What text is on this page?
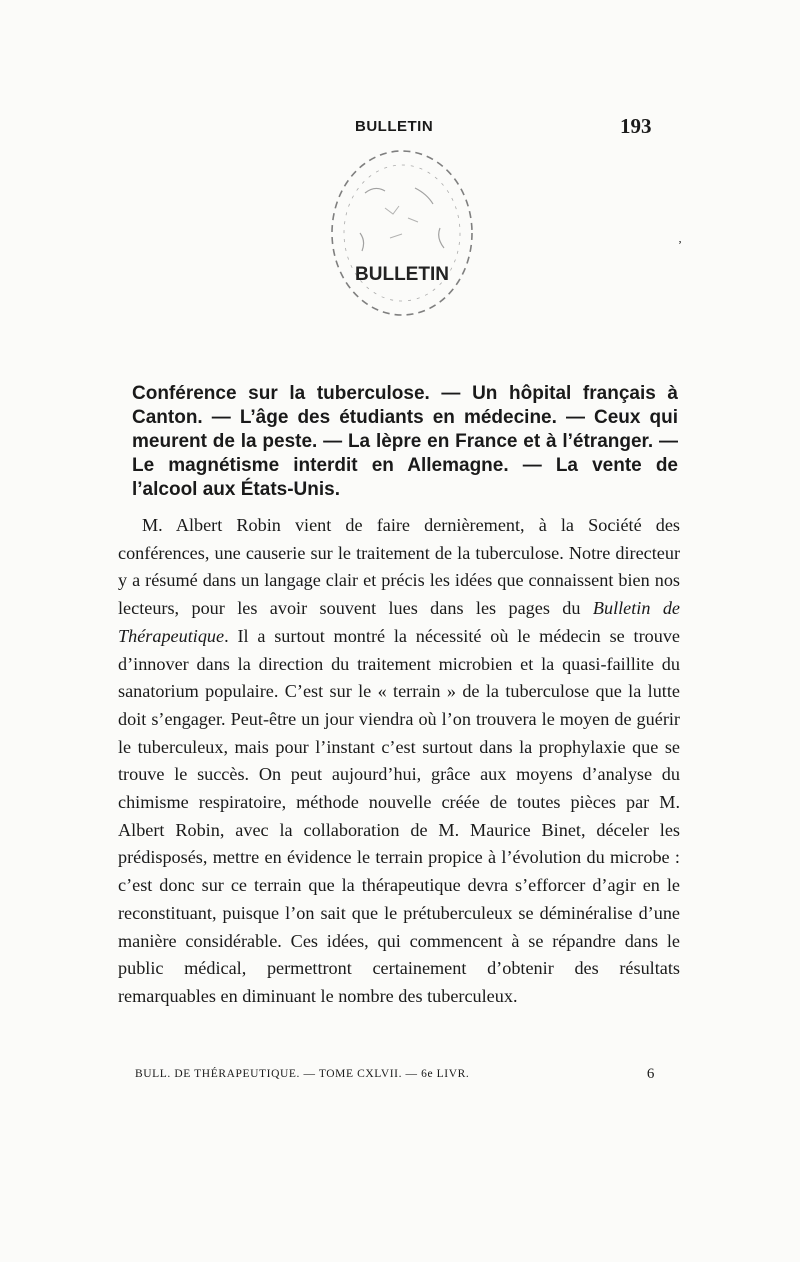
BULLETIN	193
BULLETIN
ʼ
Conférence sur la tuberculose. — Un hôpital français à Canton. — L’âge des étudiants en médecine. — Ceux qui meurent de la peste. — La lèpre en France et à l’étranger. — Le magnétisme interdit en Allemagne. — La vente de l’alcool aux États-Unis.
M. Albert Robin vient de faire dernièrement, à la Société des conférences, une causerie sur le traitement de la tuberculose. Notre directeur y a résumé dans un langage clair et précis les idées que connaissent bien nos lecteurs, pour les avoir souvent lues dans les pages du Bulletin de Thérapeutique. Il a surtout montré la nécessité où le médecin se trouve d’innover dans la direction du traitement microbien et la quasi-faillite du sanatorium populaire. C’est sur le « terrain » de la tuberculose que la lutte doit s’engager. Peut-être un jour viendra où l’on trouvera le moyen de guérir le tuberculeux, mais pour l’instant c’est surtout dans la prophylaxie que se trouve le succès. On peut aujourd’hui, grâce aux moyens d’analyse du chimisme respiratoire, méthode nouvelle créée de toutes pièces par M. Albert Robin, avec la collaboration de M. Maurice Binet, déceler les prédisposés, mettre en évidence le terrain propice à l’évolution du microbe : c’est donc sur ce terrain que la thérapeutique devra s’efforcer d’agir en le reconstituant, puisque l’on sait que le prétuberculeux se déminéralise d’une manière considérable. Ces idées, qui commencent à se répandre dans le public médical, permettront certainement d’obtenir des résultats remarquables en diminuant le nombre des tuberculeux.
BULL. DE THÉRAPEUTIQUE. — TOME CXLVII. — 6e LIVR.	6
